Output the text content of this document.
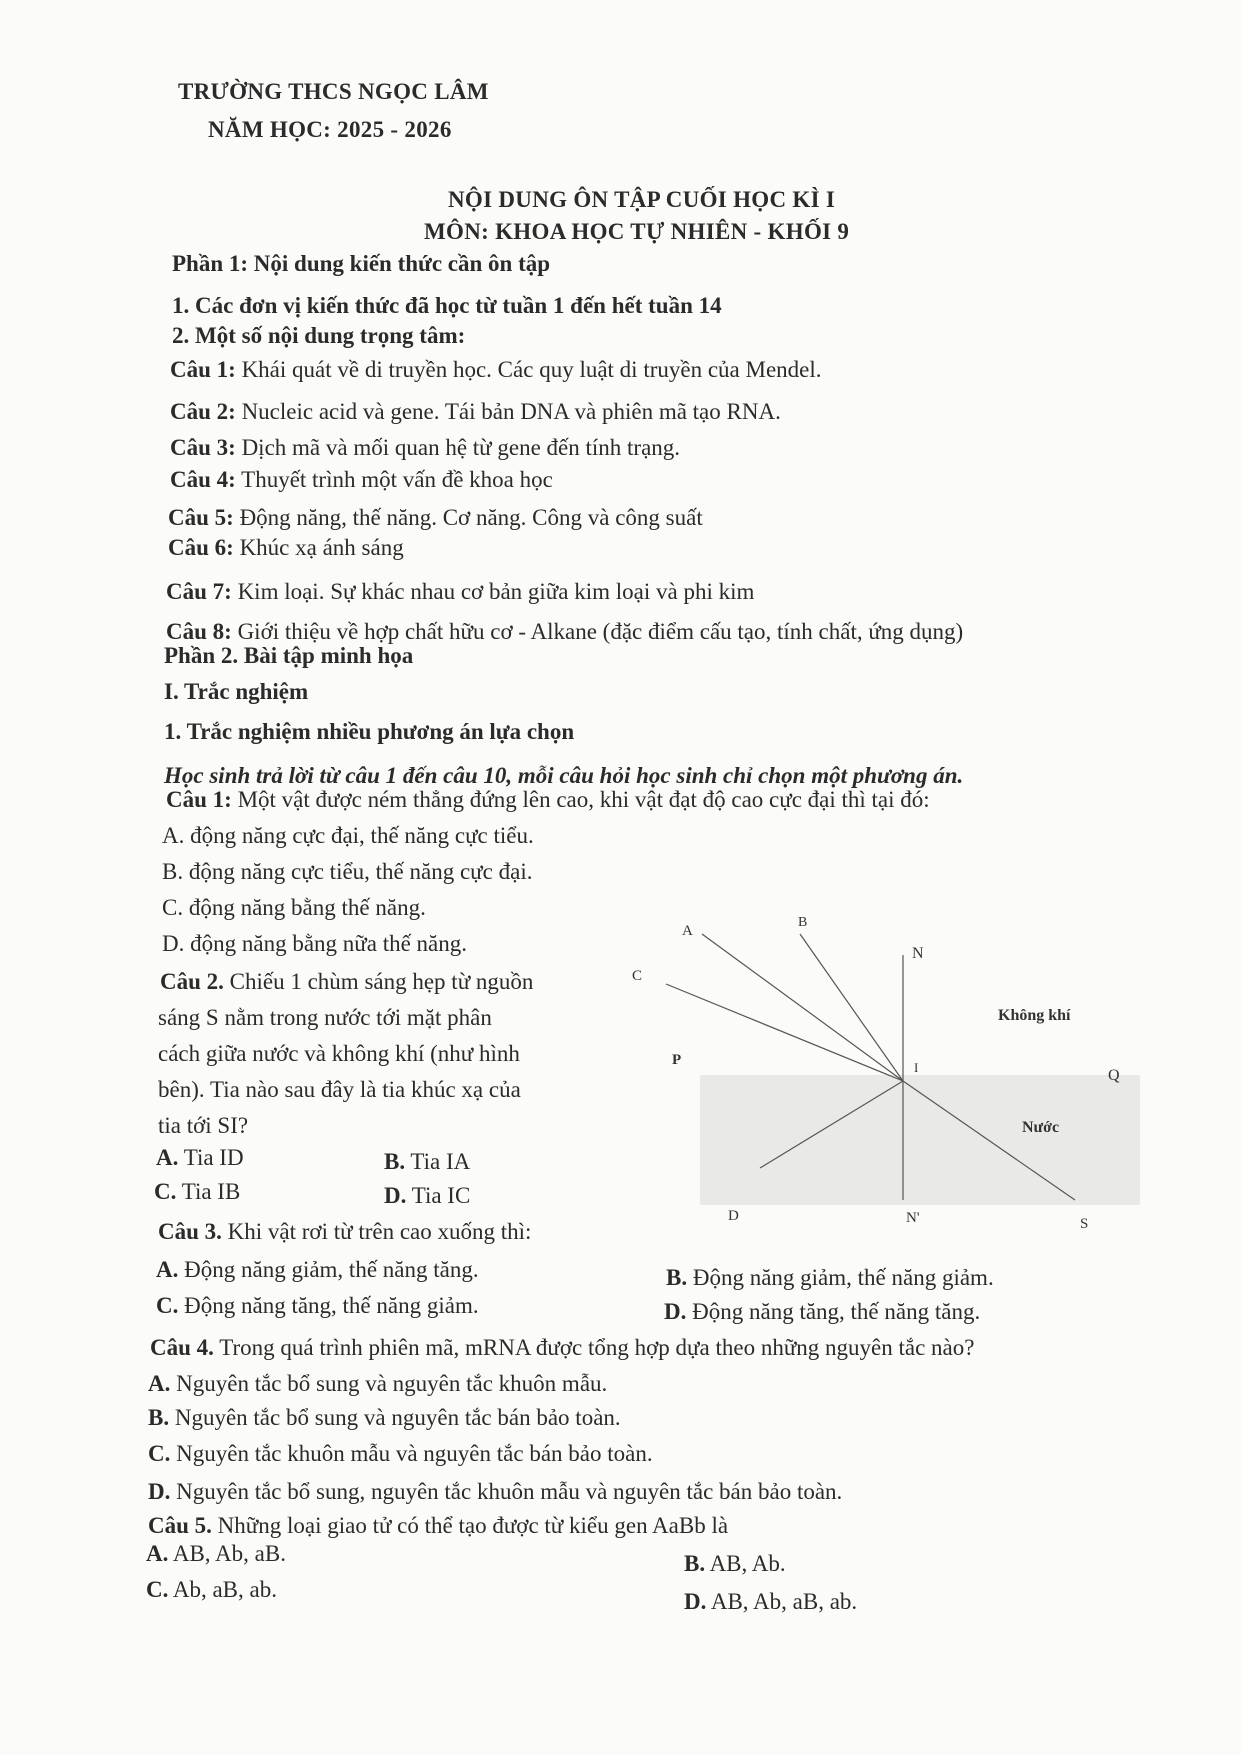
TRƯỜNG THCS NGỌC LÂM
NĂM HỌC: 2025 - 2026
NỘI DUNG ÔN TẬP CUỐI HỌC KÌ I
MÔN: KHOA HỌC TỰ NHIÊN - KHỐI 9
Phần 1: Nội dung kiến thức cần ôn tập
1. Các đơn vị kiến thức đã học từ tuần 1 đến hết tuần 14
2. Một số nội dung trọng tâm:
Câu 1: Khái quát về di truyền học. Các quy luật di truyền của Mendel.
Câu 2: Nucleic acid và gene. Tái bản DNA và phiên mã tạo RNA.
Câu 3: Dịch mã và mối quan hệ từ gene đến tính trạng.
Câu 4: Thuyết trình một vấn đề khoa học
Câu 5: Động năng, thế năng. Cơ năng. Công và công suất
Câu 6: Khúc xạ ánh sáng
Câu 7: Kim loại. Sự khác nhau cơ bản giữa kim loại và phi kim
Câu 8: Giới thiệu về hợp chất hữu cơ - Alkane (đặc điểm cấu tạo, tính chất, ứng dụng)
Phần 2. Bài tập minh họa
I. Trắc nghiệm
1. Trắc nghiệm nhiều phương án lựa chọn
Học sinh trả lời từ câu 1 đến câu 10, mỗi câu hỏi học sinh chỉ chọn một phương án.
Câu 1: Một vật được ném thẳng đứng lên cao, khi vật đạt độ cao cực đại thì tại đó:
A. động năng cực đại, thế năng cực tiểu.
B. động năng cực tiểu, thế năng cực đại.
C. động năng bằng thế năng.
D. động năng bằng nữa thế năng.
Câu 2. Chiếu 1 chùm sáng hẹp từ nguồn
sáng S nằm trong nước tới mặt phân
cách giữa nước và không khí (như hình
bên). Tia nào sau đây là tia khúc xạ của
tia tới SI?
A. Tia ID	B. Tia IA
C. Tia IB	D. Tia IC
A
B
N
C
Không khí
P	I	Q
Nước
D	N'	S
Câu 3. Khi vật rơi từ trên cao xuống thì:
A. Động năng giảm, thế năng tăng.	B. Động năng giảm, thế năng giảm.
C. Động năng tăng, thế năng giảm.	D. Động năng tăng, thế năng tăng.
Câu 4. Trong quá trình phiên mã, mRNA được tổng hợp dựa theo những nguyên tắc nào?
A. Nguyên tắc bổ sung và nguyên tắc khuôn mẫu.
B. Nguyên tắc bổ sung và nguyên tắc bán bảo toàn.
C. Nguyên tắc khuôn mẫu và nguyên tắc bán bảo toàn.
D. Nguyên tắc bổ sung, nguyên tắc khuôn mẫu và nguyên tắc bán bảo toàn.
Câu 5. Những loại giao tử có thể tạo được từ kiểu gen AaBb là
A. AB, Ab, aB.	B. AB, Ab.
C. Ab, aB, ab.	D. AB, Ab, aB, ab.
